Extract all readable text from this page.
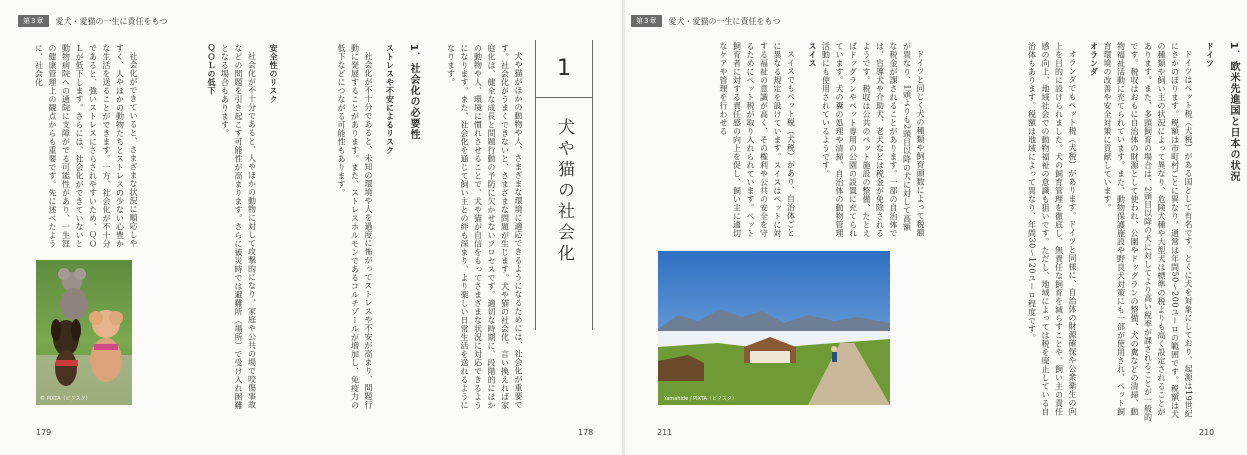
第3章	愛犬・愛猫の一生に責任をもつ
1
犬や猫の社会化

犬や猫がほかの動物や人、さまざまな環境に適応できるようになるためには、社会化が重要です。社会化がうまくできないと、さまざまな問題が生じます。犬や猫の社会化、言い換えれば家庭化は、健全な成長と問題行動の予防に欠かせないプロセスです。適切な時期に、段階的にほかの動物や人、環境に慣れさせることで、犬や猫が自信をもってさまざまな状況に対応できるようになります。また、社会化を通じて飼い主との絆も深まり、より楽しい日常生活を送れるようになります。

1．社会化の必要性
ストレスや不安によるリスク

社会化が不十分であると、未知の環境や人を過度に怖がってストレスや不安が高まり、問題行動に発展することがあります。また、ストレスホルモンであるコルチゾールが増加し、免疫力の低下などにつながる可能性もあります。

安全性のリスク

社会化が不十分であると、人やほかの動物に対して攻撃的になり、家庭や公共の場で咬傷事故などの問題を引き起こす可能性が高まります。さらに被災時では避難所（場所）で受け入れ困難となる場合もあります。

ＱＯＬの低下

社会化ができていると、さまざまな状況に順応しやすく、人やほかの動物たちとストレスの少ない心豊かな生活を送ることができます。一方、社会化が不十分であると、強いストレスにさらされやすいため、ＱＯＬが低下します。さらには、社会化ができていないと動物病院への通院に支障がでる可能性があり、一生涯の健康管理上の観点からも重要です。先に述べたように、社会化

© PIXTA（ピクスタ）
179	178
第3章	愛犬・愛猫の一生に責任をもつ
1．欧米先進国と日本の状況
ドイツ

ドイツはペット税（犬税）がある国として有名です。とくに犬を対象にしており、起源は19世紀にさかのぼります。税額は市町村ごとに異なり、通常は年間50〜200ユーロの範囲です。税額は犬の種類や飼い主の状況によって異なり、危険犬種や大型犬は標準の税よりも高く設定されることがあります。また、多頭飼育の場合は、2頭目以降の犬に対してより高い税率が課されることが一般的です。税収はおもに自治体の財源として使われ、公園やドッグランの整備、犬の糞などの清掃、動物福祉活動に充てられています。また、動物保護施設や野良犬対策にも一部が使用され、ペット飼育環境の改善や安全対策に貢献しています。

オランダ

オランダでもペット税（犬税）があります。ドイツと同様に、自治体の財源確保や公衆衛生の向上を目的に設けられました。犬の飼育管理を徹底し、無責任な飼育を減らすことや、飼い主の責任感の向上、地域社会での動物福祉の意識も狙いです。ただし、地域によっては税を廃止している自治体もあります。税額は地域によって異なり、年間30〜120ユーロ程度です。

ドイツと同じく犬の種類や飼育頭数によって税額が異なり、1頭よりも2頭目以降の犬に対して高額な税金が課されることがあります。一部の自治体では、盲導犬や介助犬、老犬などは税金が免除されるようです。税収は公共のペット施設の整備、たとえばドッグランやペット専用の公園の設置に充てられています。犬の糞の処理や清掃、自治体の動物管理活動にも使用されているようです。

スイス

スイスでもペット税（犬税）があり、自治体ごとに異なる規定を設けています。スイスはペットに対する福祉の意識が高く、その権利や公共の安全を守るためにペット税が取り入れられています。ペット飼育者に対する責任感の向上を促し、飼い主に適切なケアや管理を行わせる

Yamahide / PIXTA（ピクスタ）
211	210
